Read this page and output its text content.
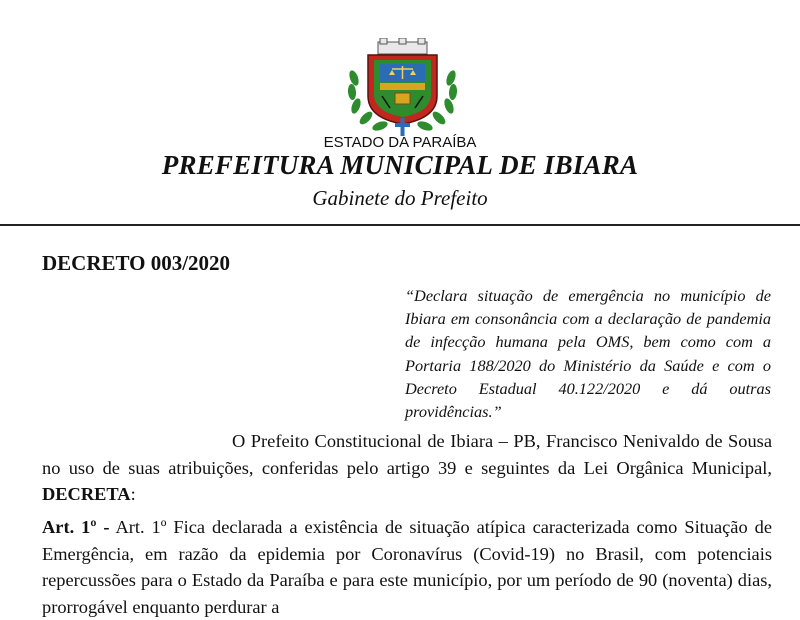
ESTADO DA PARAÍBA
PREFEITURA MUNICIPAL DE IBIARA
Gabinete do Prefeito
DECRETO 003/2020
“Declara situação de emergência no município de Ibiara em consonância com a declaração de pandemia de infecção humana pela OMS, bem como com a Portaria 188/2020 do Ministério da Saúde e com o Decreto Estadual 40.122/2020 e dá outras providências.”
O Prefeito Constitucional de Ibiara – PB, Francisco Nenivaldo de Sousa no uso de suas atribuições, conferidas pelo artigo 39 e seguintes da Lei Orgânica Municipal, DECRETA:
Art. 1º - Art. 1º Fica declarada a existência de situação atípica caracterizada como Situação de Emergência, em razão da epidemia por Coronavírus (Covid-19) no Brasil, com potenciais repercussões para o Estado da Paraíba e para este município, por um período de 90 (noventa) dias, prorrogável enquanto perdurar a
